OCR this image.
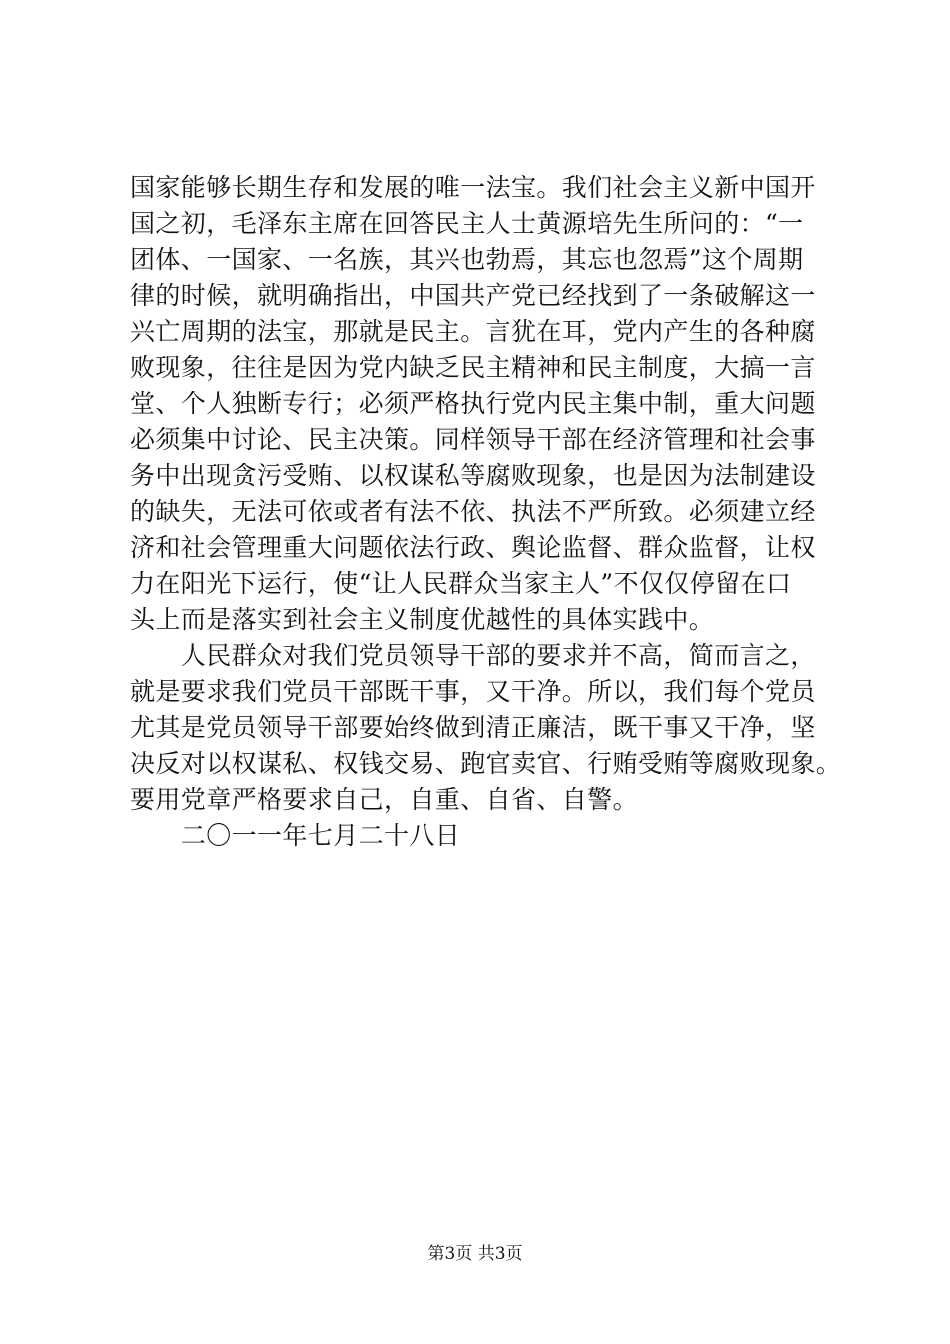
国家能够长期生存和发展的唯一法宝。我们社会主义新中国开
国之初，毛泽东主席在回答民主人士黄源培先生所问的：“一
团体、一国家、一名族，其兴也勃焉，其忘也忽焉”这个周期
律的时候，就明确指出，中国共产党已经找到了一条破解这一
兴亡周期的法宝，那就是民主。言犹在耳，党内产生的各种腐
败现象，往往是因为党内缺乏民主精神和民主制度，大搞一言
堂、个人独断专行；必须严格执行党内民主集中制，重大问题
必须集中讨论、民主决策。同样领导干部在经济管理和社会事
务中出现贪污受贿、以权谋私等腐败现象，也是因为法制建设
的缺失，无法可依或者有法不依、执法不严所致。必须建立经
济和社会管理重大问题依法行政、舆论监督、群众监督，让权
力在阳光下运行，使“让人民群众当家主人”不仅仅停留在口
头上而是落实到社会主义制度优越性的具体实践中。
　　人民群众对我们党员领导干部的要求并不高，简而言之，
就是要求我们党员干部既干事，又干净。所以，我们每个党员
尤其是党员领导干部要始终做到清正廉洁，既干事又干净，坚
决反对以权谋私、权钱交易、跑官卖官、行贿受贿等腐败现象。
要用党章严格要求自己，自重、自省、自警。
　　二〇一一年七月二十八日
第3页 共3页
